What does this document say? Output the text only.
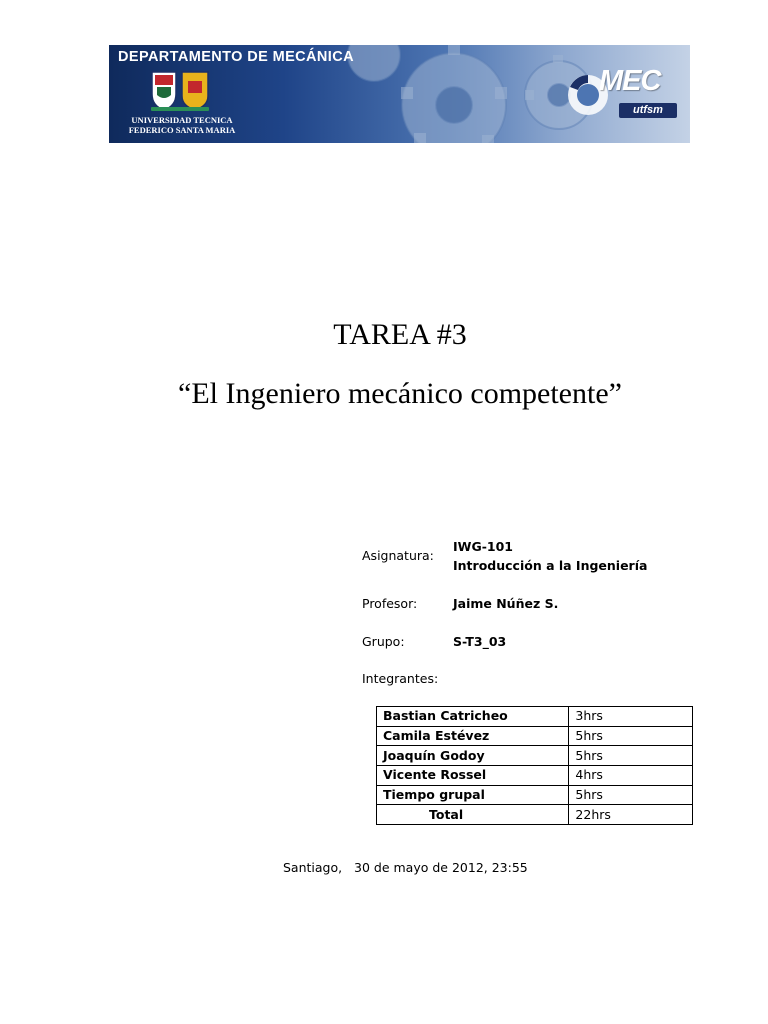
DEPARTAMENTO DE MECÁNICA
UNIVERSIDAD TECNICA
FEDERICO SANTA MARIA
MEC
utfsm
TAREA #3
“El Ingeniero mecánico competente”
Asignatura:
IWG-101
Introducción a la Ingeniería
Profesor:	Jaime Núñez S.
Grupo:	S-T3_03
Integrantes:
Bastian Catricheo	3hrs
Camila Estévez	5hrs
Joaquín Godoy	5hrs
Vicente Rossel	4hrs
Tiempo grupal	5hrs
Total	22hrs
Santiago,   30 de mayo de 2012, 23:55
